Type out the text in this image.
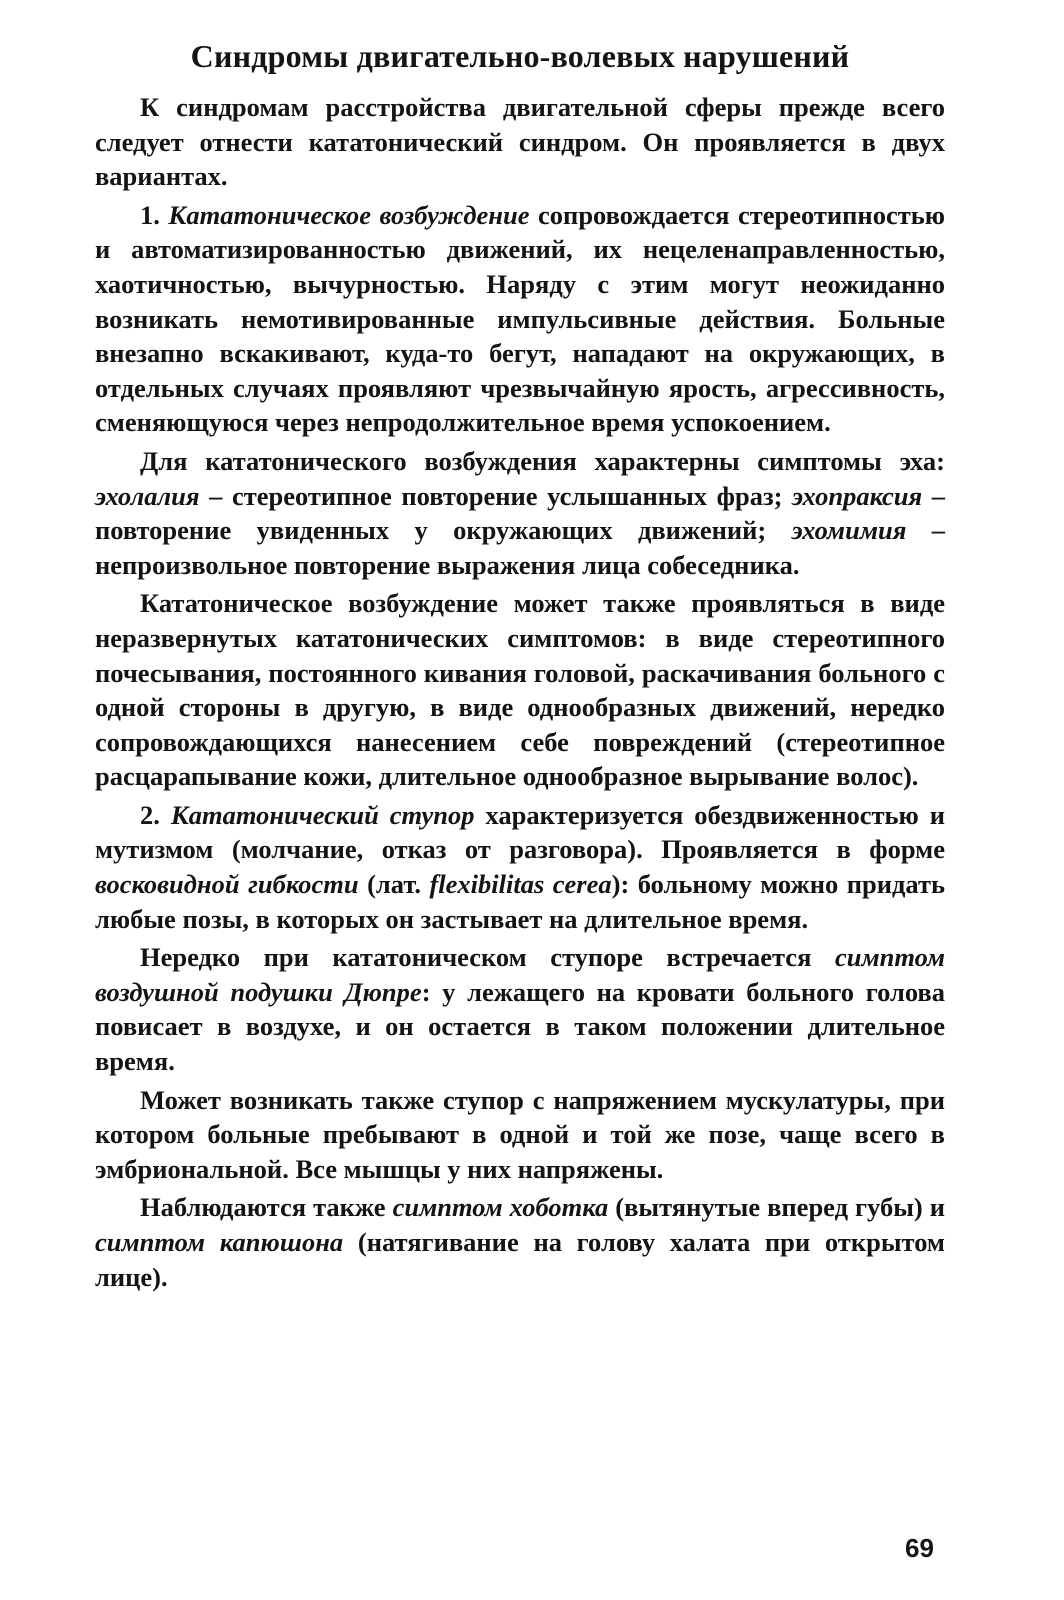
Синдромы двигательно-волевых нарушений

К синдромам расстройства двигательной сферы прежде всего следует отнести кататонический синдром. Он проявляется в двух вариантах.

1. Кататоническое возбуждение сопровождается стереотипностью и автоматизированностью движений, их нецеленаправленностью, хаотичностью, вычурностью. Наряду с этим могут неожиданно возникать немотивированные импульсивные действия. Больные внезапно вскакивают, куда-то бегут, нападают на окружающих, в отдельных случаях проявляют чрезвычайную ярость, агрессивность, сменяющуюся через непродолжительное время успокоением.

Для кататонического возбуждения характерны симптомы эха: эхолалия – стереотипное повторение услышанных фраз; эхопраксия – повторение увиденных у окружающих движений; эхомимия – непроизвольное повторение выражения лица собеседника.

Кататоническое возбуждение может также проявляться в виде неразвернутых кататонических симптомов: в виде стереотипного почесывания, постоянного кивания головой, раскачивания больного с одной стороны в другую, в виде однообразных движений, нередко сопровождающихся нанесением себе повреждений (стереотипное расцарапывание кожи, длительное однообразное вырывание волос).

2. Кататонический ступор характеризуется обездвиженностью и мутизмом (молчание, отказ от разговора). Проявляется в форме восковидной гибкости (лат. flexibilitas cerea): больному можно придать любые позы, в которых он застывает на длительное время.

Нередко при кататоническом ступоре встречается симптом воздушной подушки Дюпре: у лежащего на кровати больного голова повисает в воздухе, и он остается в таком положении длительное время.

Может возникать также ступор с напряжением мускулатуры, при котором больные пребывают в одной и той же позе, чаще всего в эмбриональной. Все мышцы у них напряжены.

Наблюдаются также симптом хоботка (вытянутые вперед губы) и симптом капюшона (натягивание на голову халата при открытом лице).

69
